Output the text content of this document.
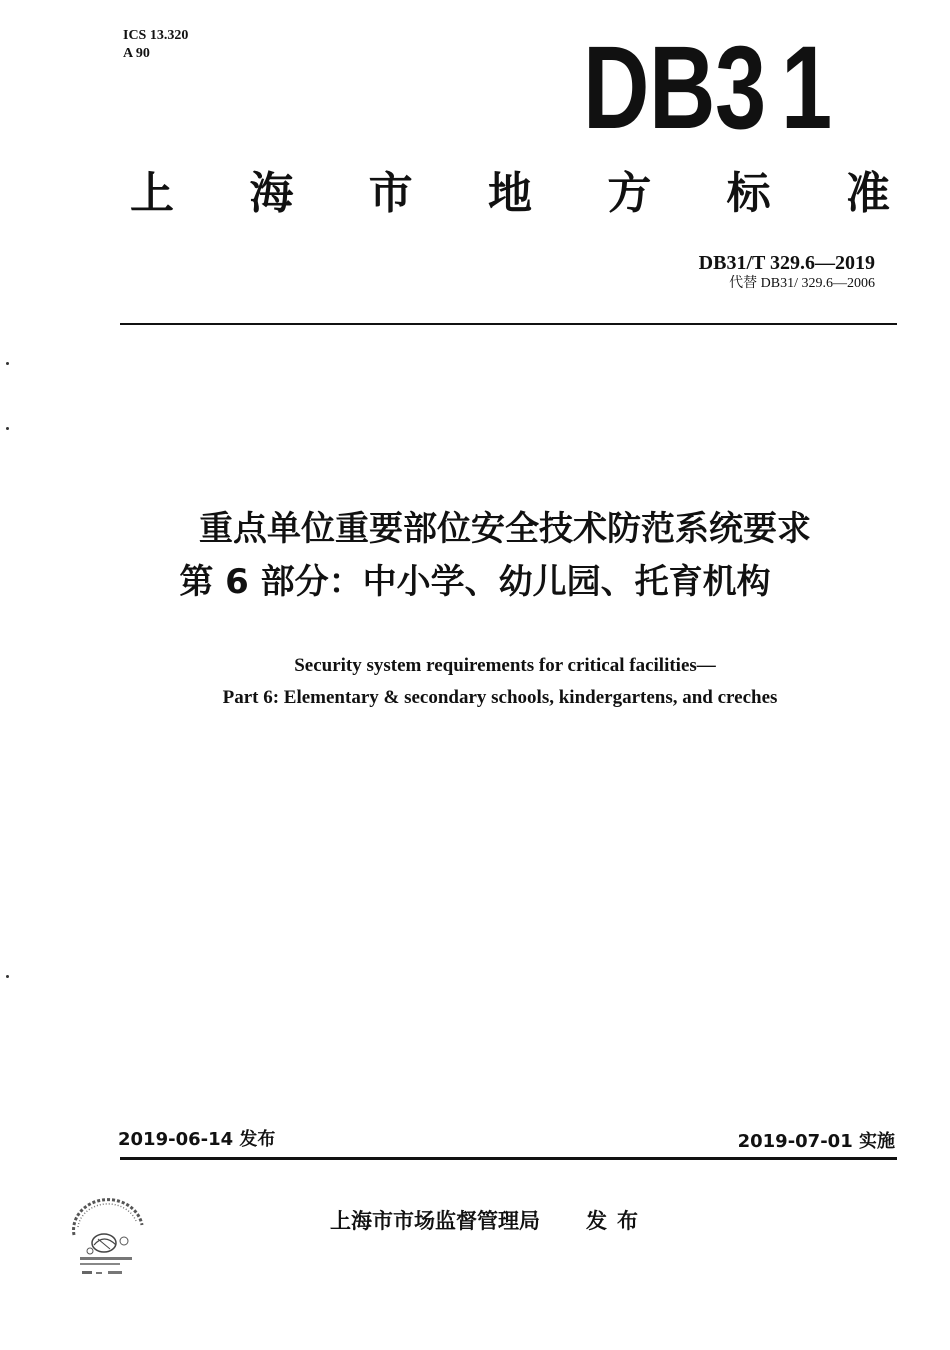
ICS 13.320
A 90	D B 3 1
上 海 市 地 方 标 准
DB31/T 329.6—2019
代替 DB31/ 329.6—2006
重点单位重要部位安全技术防范系统要求
第 6 部分：中小学、幼儿园、托育机构
Security system requirements for critical facilities—
Part 6: Elementary & secondary schools, kindergartens, and creches
2019-06-14 发布	2019-07-01 实施
上海市市场监督管理局 发布
